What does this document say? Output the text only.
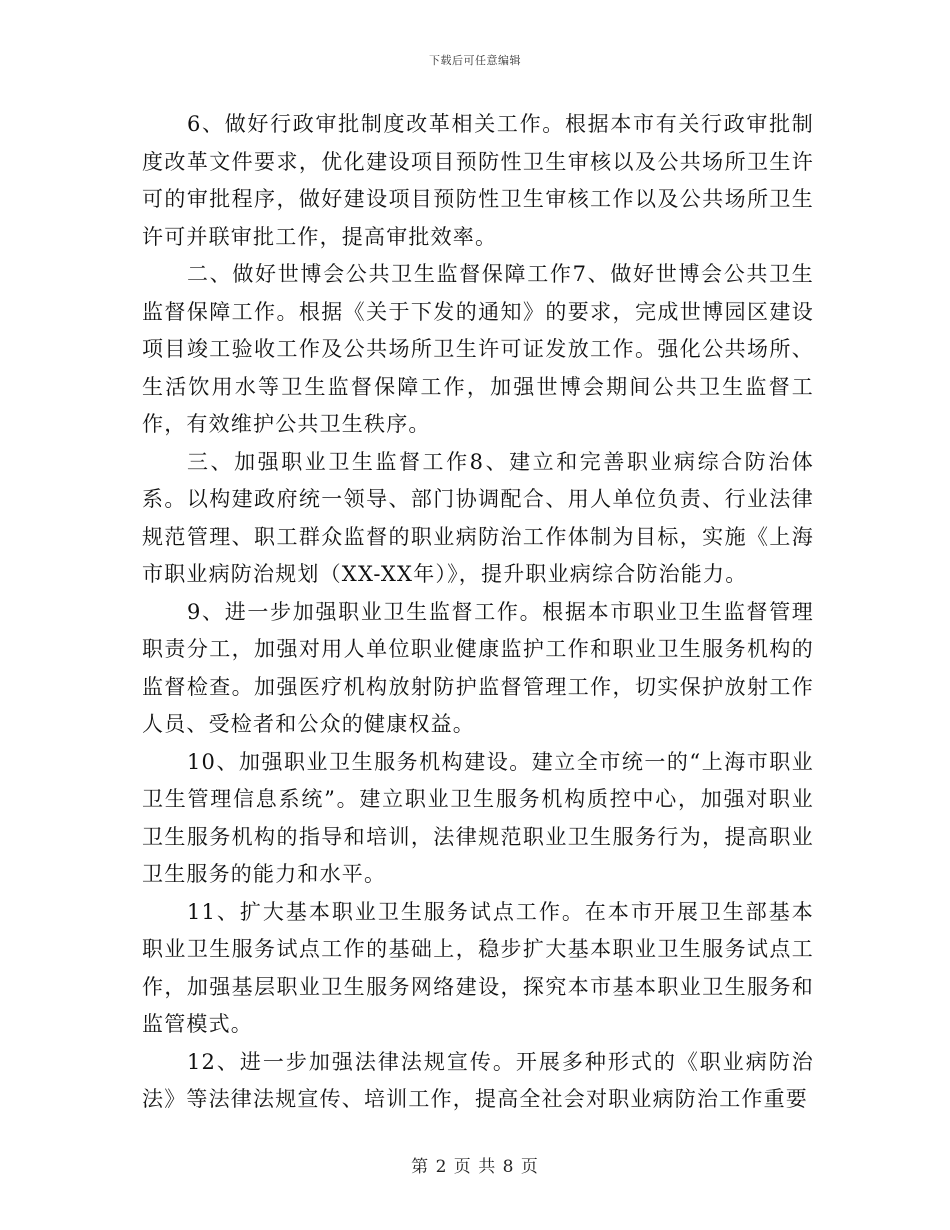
下载后可任意编辑

6、做好行政审批制度改革相关工作。根据本市有关行政审批制度改革文件要求，优化建设项目预防性卫生审核以及公共场所卫生许可的审批程序，做好建设项目预防性卫生审核工作以及公共场所卫生许可并联审批工作，提高审批效率。

二、做好世博会公共卫生监督保障工作7、做好世博会公共卫生监督保障工作。根据《关于下发的通知》的要求，完成世博园区建设项目竣工验收工作及公共场所卫生许可证发放工作。强化公共场所、生活饮用水等卫生监督保障工作，加强世博会期间公共卫生监督工作，有效维护公共卫生秩序。

三、加强职业卫生监督工作8、建立和完善职业病综合防治体系。以构建政府统一领导、部门协调配合、用人单位负责、行业法律规范管理、职工群众监督的职业病防治工作体制为目标，实施《上海市职业病防治规划（XX-XX年）》，提升职业病综合防治能力。

9、进一步加强职业卫生监督工作。根据本市职业卫生监督管理职责分工，加强对用人单位职业健康监护工作和职业卫生服务机构的监督检查。加强医疗机构放射防护监督管理工作，切实保护放射工作人员、受检者和公众的健康权益。

10、加强职业卫生服务机构建设。建立全市统一的“上海市职业卫生管理信息系统”。建立职业卫生服务机构质控中心，加强对职业卫生服务机构的指导和培训，法律规范职业卫生服务行为，提高职业卫生服务的能力和水平。

11、扩大基本职业卫生服务试点工作。在本市开展卫生部基本职业卫生服务试点工作的基础上，稳步扩大基本职业卫生服务试点工作，加强基层职业卫生服务网络建设，探究本市基本职业卫生服务和监管模式。

12、进一步加强法律法规宣传。开展多种形式的《职业病防治法》等法律法规宣传、培训工作，提高全社会对职业病防治工作重要

第 2 页 共 8 页
